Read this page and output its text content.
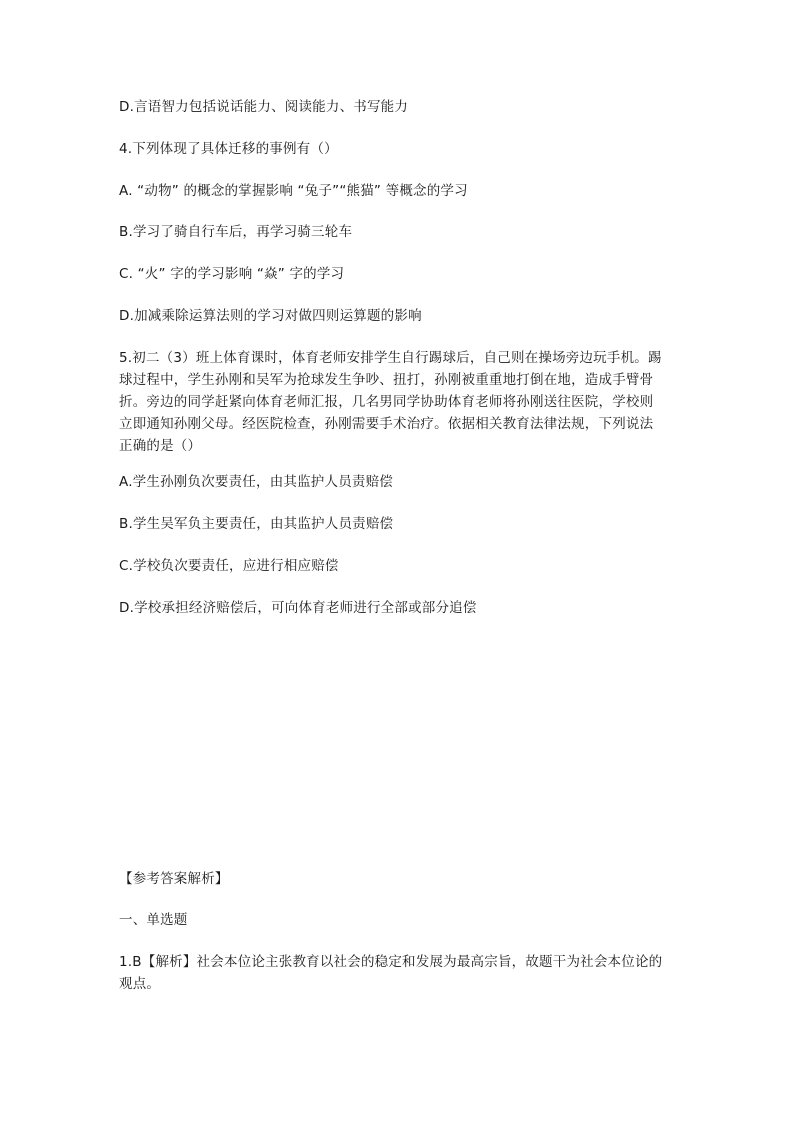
D.言语智力包括说话能力、阅读能力、书写能力
4.下列体现了具体迁移的事例有（）
A. “动物” 的概念的掌握影响 “兔子”“熊猫” 等概念的学习
B.学习了骑自行车后，再学习骑三轮车
C. “火” 字的学习影响 “焱” 字的学习
D.加减乘除运算法则的学习对做四则运算题的影响
5.初二（3）班上体育课时，体育老师安排学生自行踢球后，自己则在操场旁边玩手机。踢
球过程中，学生孙刚和吴军为抢球发生争吵、扭打，孙刚被重重地打倒在地，造成手臂骨
折。旁边的同学赶紧向体育老师汇报，几名男同学协助体育老师将孙刚送往医院，学校则
立即通知孙刚父母。经医院检查，孙刚需要手术治疗。依据相关教育法律法规，下列说法
正确的是（）
A.学生孙刚负次要责任，由其监护人员责赔偿
B.学生吴军负主要责任，由其监护人员责赔偿
C.学校负次要责任，应进行相应赔偿
D.学校承担经济赔偿后，可向体育老师进行全部或部分追偿
【参考答案解析】
一、单选题
1.B【解析】社会本位论主张教育以社会的稳定和发展为最高宗旨，故题干为社会本位论的
观点。
